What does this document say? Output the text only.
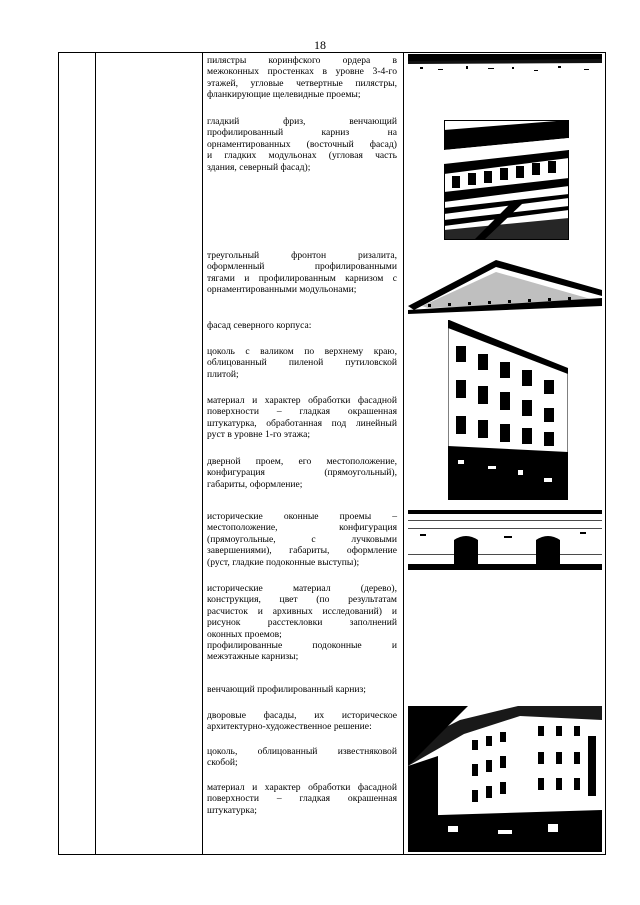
18
пилястры коринфского ордера в
межоконных простенках в уровне 3-4-го
этажей, угловые четвертные пилястры,
фланкирующие щелевидные проемы;
гладкий фриз, венчающий
профилированный карниз на
орнаментированных (восточный фасад)
и гладких модульонах (угловая часть
здания, северный фасад);
треугольный фронтон ризалита,
оформленный профилированными
тягами и профилированным карнизом с
орнаментированными модульонами;
фасад северного корпуса:
цоколь с валиком по верхнему краю,
облицованный пиленой путиловской
плитой;
материал и характер обработки фасадной
поверхности – гладкая окрашенная
штукатурка, обработанная под линейный
руст в уровне 1-го этажа;
дверной проем, его местоположение,
конфигурация (прямоугольный),
габариты, оформление;
исторические оконные проемы –
местоположение, конфигурация
(прямоугольные, с лучковыми
завершениями), габариты, оформление
(руст, гладкие подоконные выступы);
исторические материал (дерево),
конструкция, цвет (по результатам
расчисток и архивных исследований) и
рисунок расстекловки заполнений
оконных проемов;
профилированные подоконные и
межэтажные карнизы;
венчающий профилированный карниз;
дворовые фасады, их историческое
архитектурно-художественное решение:
цоколь, облицованный известняковой
скобой;
материал и характер обработки фасадной
поверхности – гладкая окрашенная
штукатурка;
